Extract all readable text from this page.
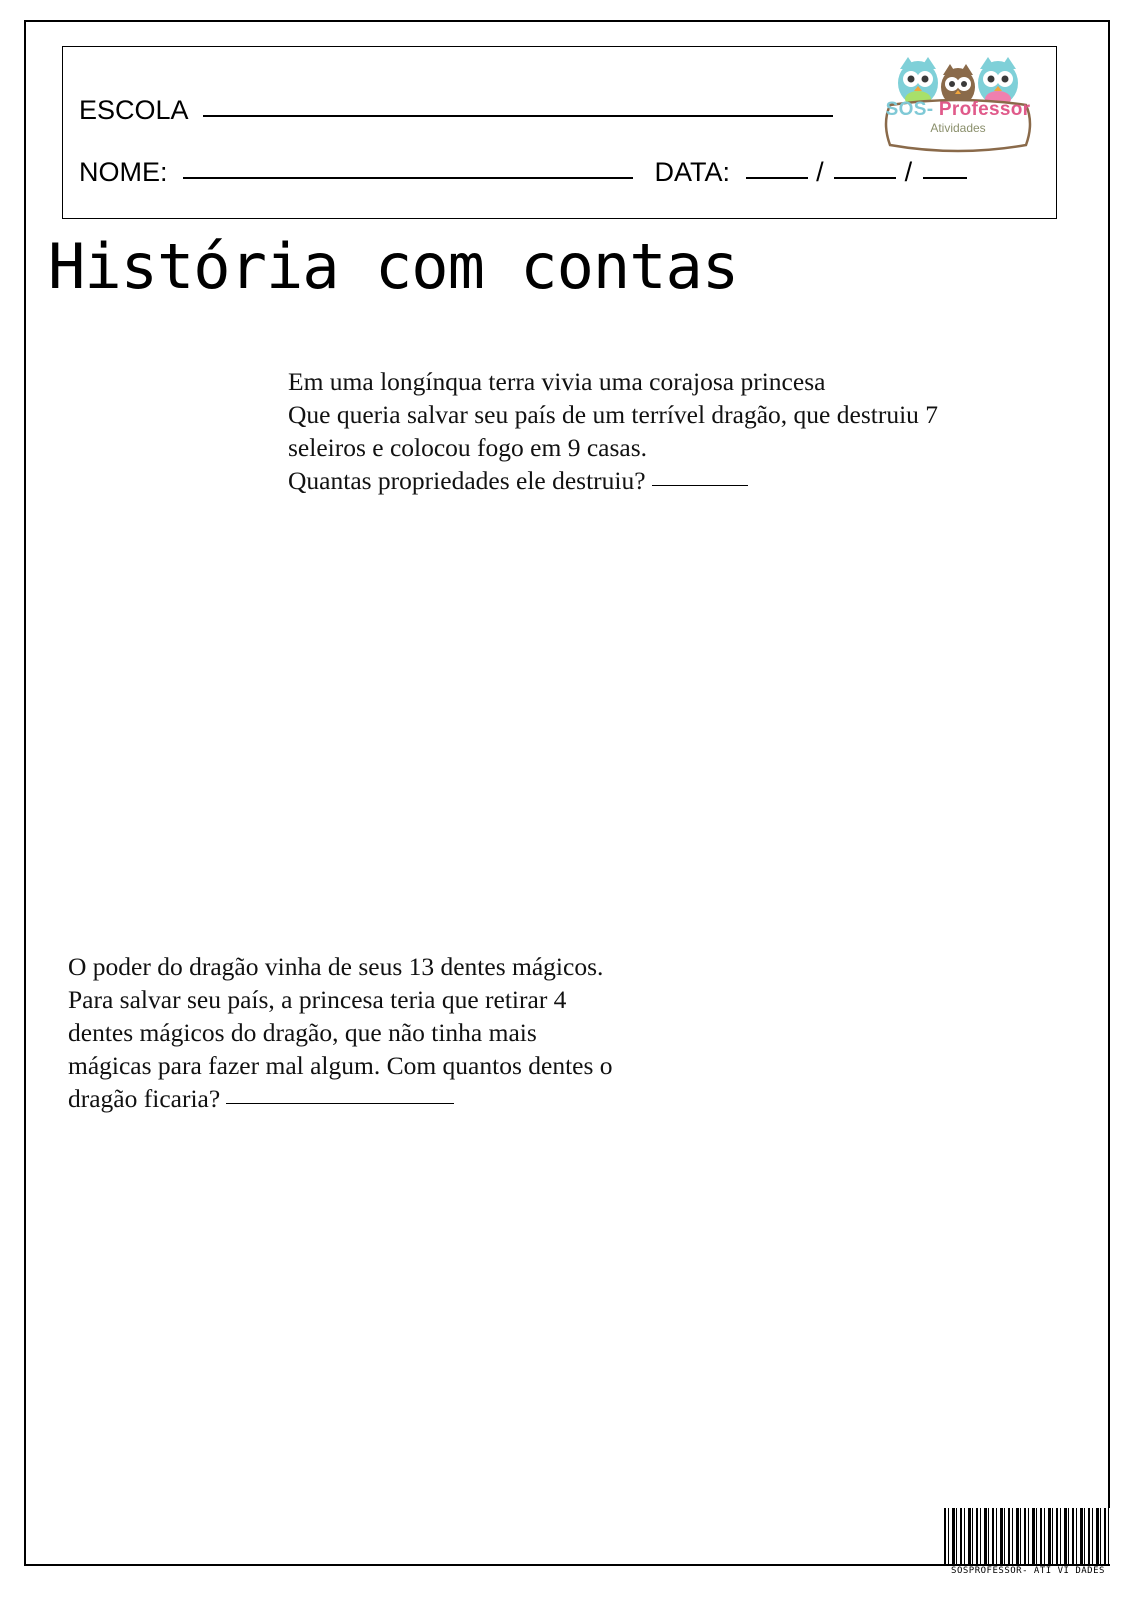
ESCOLA
NOME:	DATA:	/	/
SOS- Professor
Atividades
História com contas
Em uma longínqua terra vivia uma corajosa princesa
Que queria salvar seu país de um terrível dragão, que destruiu 7
seleiros e colocou fogo em 9 casas.
Quantas propriedades ele destruiu?
O poder do dragão vinha de seus 13 dentes mágicos.
Para salvar seu país, a princesa teria que retirar 4
dentes mágicos do dragão, que não tinha mais
mágicas para fazer mal algum. Com quantos dentes o
dragão ficaria?
SOSPROFESSOR- ATI VI DADES
